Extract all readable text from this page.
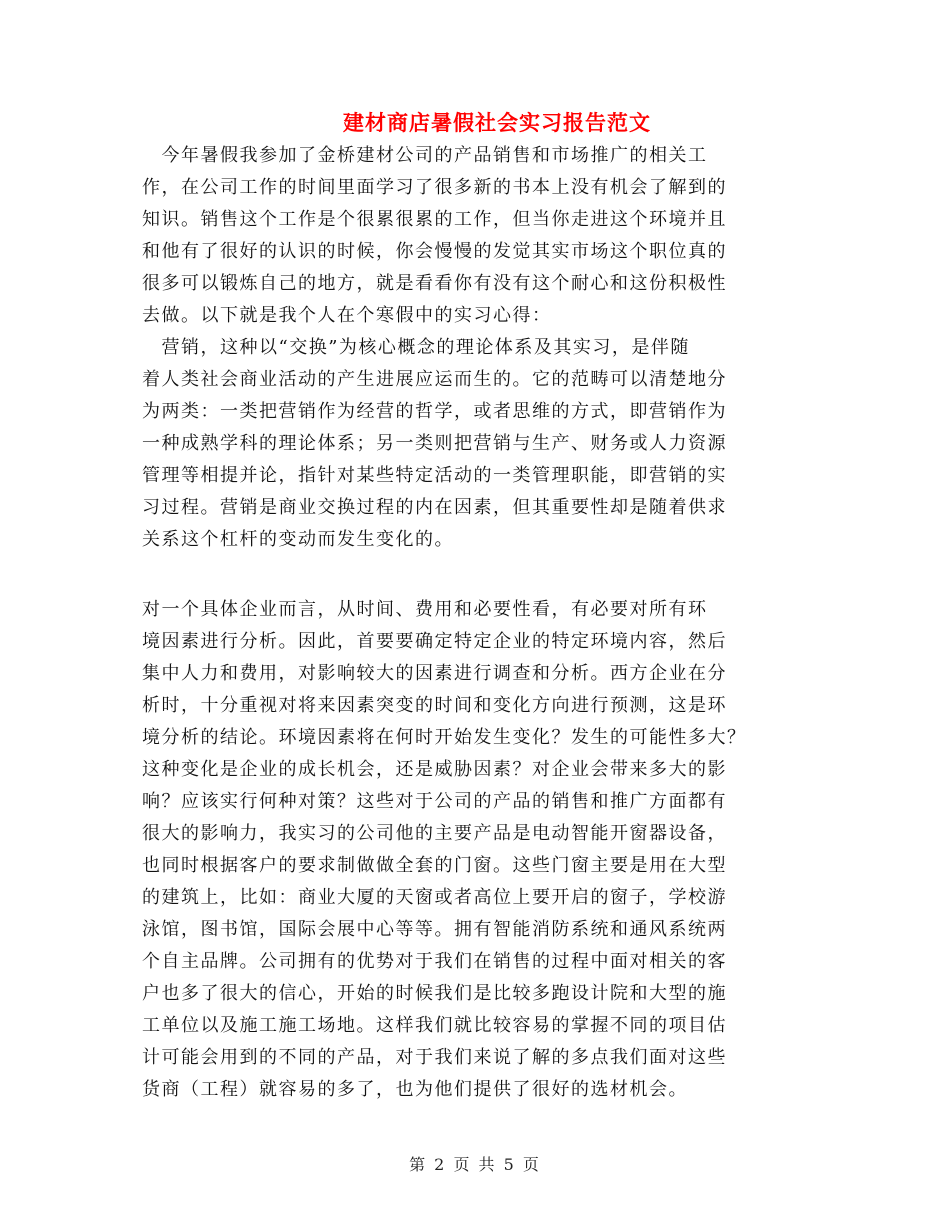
建材商店暑假社会实习报告范文
　今年暑假我参加了金桥建材公司的产品销售和市场推广的相关工
作，在公司工作的时间里面学习了很多新的书本上没有机会了解到的
知识。销售这个工作是个很累很累的工作，但当你走进这个环境并且
和他有了很好的认识的时候，你会慢慢的发觉其实市场这个职位真的
很多可以锻炼自己的地方，就是看看你有没有这个耐心和这份积极性
去做。以下就是我个人在个寒假中的实习心得：
　营销，这种以“交换”为核心概念的理论体系及其实习，是伴随
着人类社会商业活动的产生进展应运而生的。它的范畴可以清楚地分
为两类：一类把营销作为经营的哲学，或者思维的方式，即营销作为
一种成熟学科的理论体系；另一类则把营销与生产、财务或人力资源
管理等相提并论，指针对某些特定活动的一类管理职能，即营销的实
习过程。营销是商业交换过程的内在因素，但其重要性却是随着供求
关系这个杠杆的变动而发生变化的。
对一个具体企业而言，从时间、费用和必要性看，有必要对所有环
境因素进行分析。因此，首要要确定特定企业的特定环境内容，然后
集中人力和费用，对影响较大的因素进行调查和分析。西方企业在分
析时，十分重视对将来因素突变的时间和变化方向进行预测，这是环
境分析的结论。环境因素将在何时开始发生变化？发生的可能性多大？
这种变化是企业的成长机会，还是威胁因素？对企业会带来多大的影
响？应该实行何种对策？这些对于公司的产品的销售和推广方面都有
很大的影响力，我实习的公司他的主要产品是电动智能开窗器设备，
也同时根据客户的要求制做做全套的门窗。这些门窗主要是用在大型
的建筑上，比如：商业大厦的天窗或者高位上要开启的窗子，学校游
泳馆，图书馆，国际会展中心等等。拥有智能消防系统和通风系统两
个自主品牌。公司拥有的优势对于我们在销售的过程中面对相关的客
户也多了很大的信心，开始的时候我们是比较多跑设计院和大型的施
工单位以及施工施工场地。这样我们就比较容易的掌握不同的项目估
计可能会用到的不同的产品，对于我们来说了解的多点我们面对这些
货商（工程）就容易的多了，也为他们提供了很好的选材机会。
第 2 页 共 5 页
